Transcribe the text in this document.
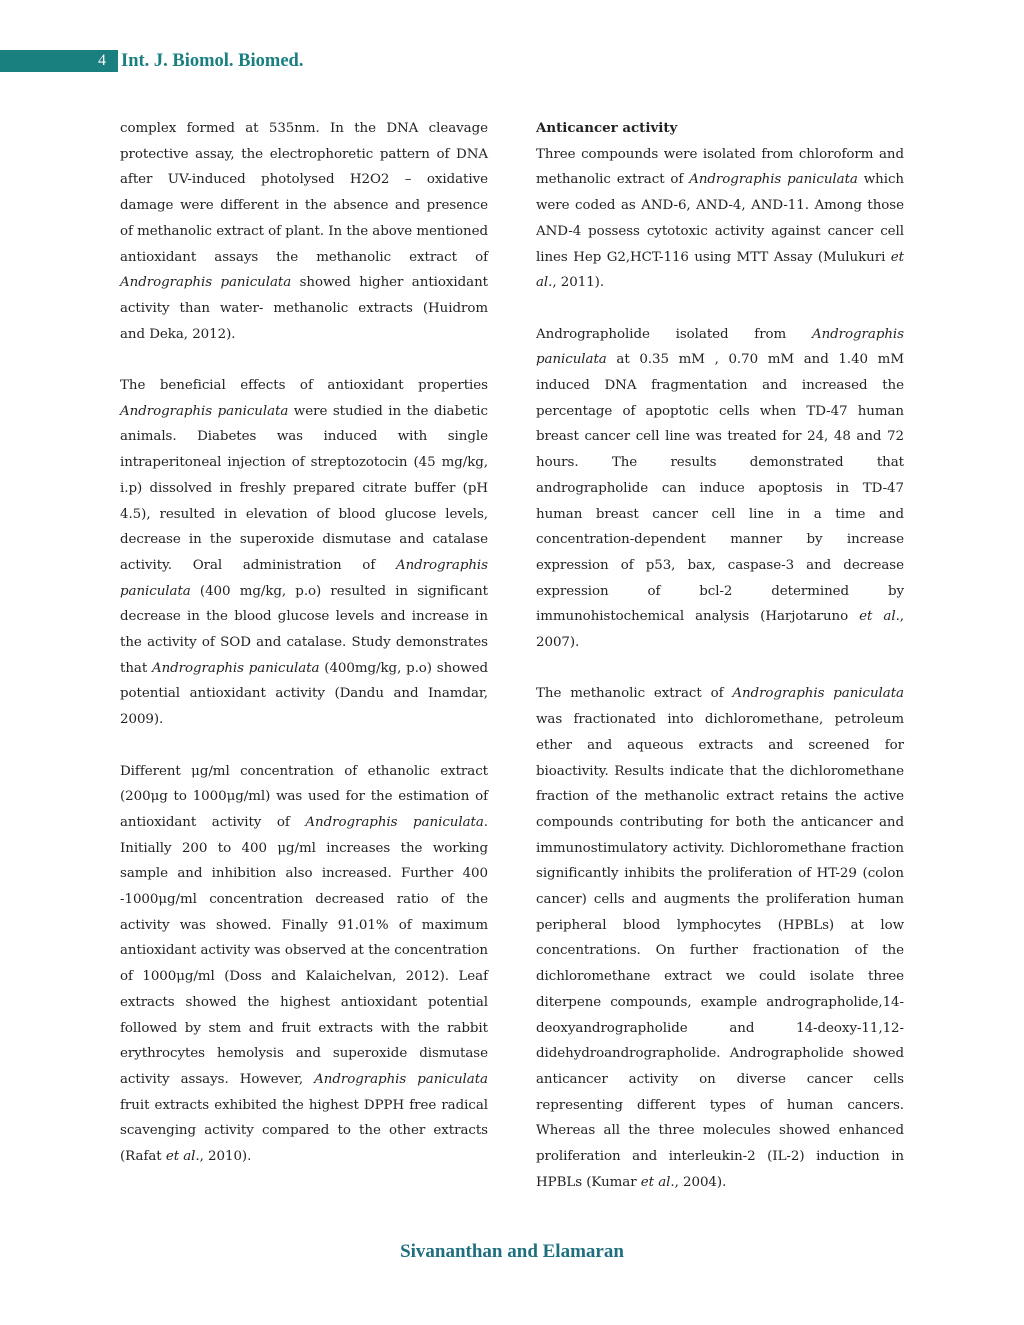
4 Int. J. Biomol. Biomed.

complex formed at 535nm. In the DNA cleavage protective assay, the electrophoretic pattern of DNA after UV-induced photolysed H2O2 – oxidative damage were different in the absence and presence of methanolic extract of plant. In the above mentioned antioxidant assays the methanolic extract of Andrographis paniculata showed higher antioxidant activity than water- methanolic extracts (Huidrom and Deka, 2012).

The beneficial effects of antioxidant properties Andrographis paniculata were studied in the diabetic animals. Diabetes was induced with single intraperitoneal injection of streptozotocin (45 mg/kg, i.p) dissolved in freshly prepared citrate buffer (pH 4.5), resulted in elevation of blood glucose levels, decrease in the superoxide dismutase and catalase activity. Oral administration of Andrographis paniculata (400 mg/kg, p.o) resulted in significant decrease in the blood glucose levels and increase in the activity of SOD and catalase. Study demonstrates that Andrographis paniculata (400mg/kg, p.o) showed potential antioxidant activity (Dandu and Inamdar, 2009).

Different μg/ml concentration of ethanolic extract (200μg to 1000μg/ml) was used for the estimation of antioxidant activity of Andrographis paniculata. Initially 200 to 400 μg/ml increases the working sample and inhibition also increased. Further 400 -1000μg/ml concentration decreased ratio of the activity was showed. Finally 91.01% of maximum antioxidant activity was observed at the concentration of 1000μg/ml (Doss and Kalaichelvan, 2012). Leaf extracts showed the highest antioxidant potential followed by stem and fruit extracts with the rabbit erythrocytes hemolysis and superoxide dismutase activity assays. However, Andrographis paniculata fruit extracts exhibited the highest DPPH free radical scavenging activity compared to the other extracts (Rafat et al., 2010).

Anticancer activity

Three compounds were isolated from chloroform and methanolic extract of Andrographis paniculata which were coded as AND-6, AND-4, AND-11. Among those AND-4 possess cytotoxic activity against cancer cell lines Hep G2,HCT-116 using MTT Assay (Mulukuri et al., 2011).

Andrographolide isolated from Andrographis paniculata at 0.35 mM , 0.70 mM and 1.40 mM induced DNA fragmentation and increased the percentage of apoptotic cells when TD-47 human breast cancer cell line was treated for 24, 48 and 72 hours. The results demonstrated that andrographolide can induce apoptosis in TD-47 human breast cancer cell line in a time and concentration-dependent manner by increase expression of p53, bax, caspase-3 and decrease expression of bcl-2 determined by immunohistochemical analysis (Harjotaruno et al., 2007).

The methanolic extract of Andrographis paniculata was fractionated into dichloromethane, petroleum ether and aqueous extracts and screened for bioactivity. Results indicate that the dichloromethane fraction of the methanolic extract retains the active compounds contributing for both the anticancer and immunostimulatory activity. Dichloromethane fraction significantly inhibits the proliferation of HT-29 (colon cancer) cells and augments the proliferation human peripheral blood lymphocytes (HPBLs) at low concentrations. On further fractionation of the dichloromethane extract we could isolate three diterpene compounds, example andrographolide,14-deoxyandrographolide and 14-deoxy-11,12-didehydroandrographolide. Andrographolide showed anticancer activity on diverse cancer cells representing different types of human cancers. Whereas all the three molecules showed enhanced proliferation and interleukin-2 (IL-2) induction in HPBLs (Kumar et al., 2004).

Sivananthan and Elamaran
